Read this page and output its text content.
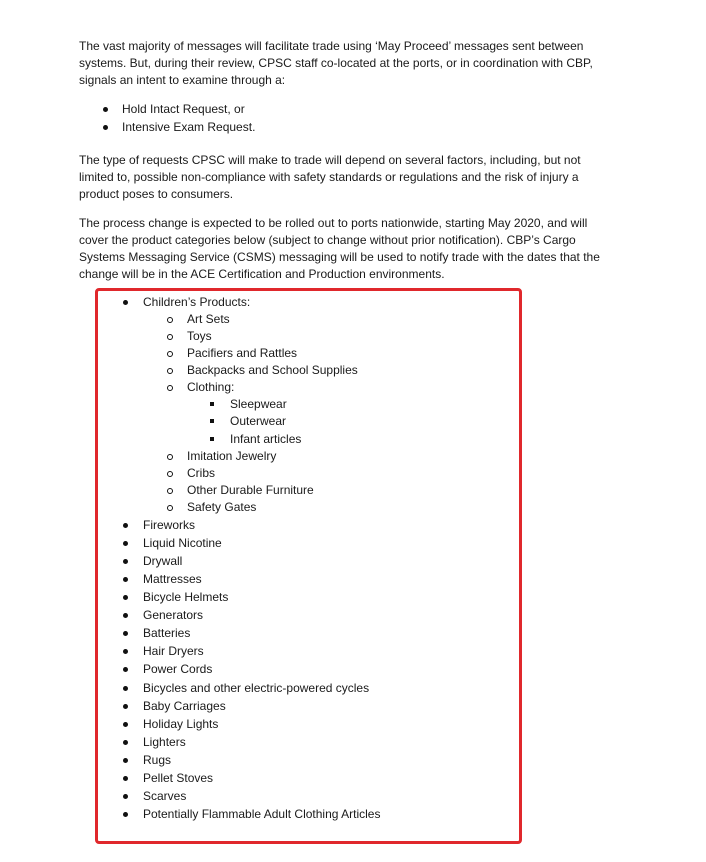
The vast majority of messages will facilitate trade using ‘May Proceed’ messages sent between systems. But, during their review, CPSC staff co-located at the ports, or in coordination with CBP, signals an intent to examine through a:

Hold Intact Request, or
Intensive Exam Request.

The type of requests CPSC will make to trade will depend on several factors, including, but not limited to, possible non-compliance with safety standards or regulations and the risk of injury a product poses to consumers.

The process change is expected to be rolled out to ports nationwide, starting May 2020, and will cover the product categories below (subject to change without prior notification). CBP’s Cargo Systems Messaging Service (CSMS) messaging will be used to notify trade with the dates that the change will be in the ACE Certification and Production environments.

Children’s Products:
Art Sets
Toys
Pacifiers and Rattles
Backpacks and School Supplies
Clothing:
Sleepwear
Outerwear
Infant articles
Imitation Jewelry
Cribs
Other Durable Furniture
Safety Gates
Fireworks
Liquid Nicotine
Drywall
Mattresses
Bicycle Helmets
Generators
Batteries
Hair Dryers
Power Cords
Bicycles and other electric-powered cycles
Baby Carriages
Holiday Lights
Lighters
Rugs
Pellet Stoves
Scarves
Potentially Flammable Adult Clothing Articles
